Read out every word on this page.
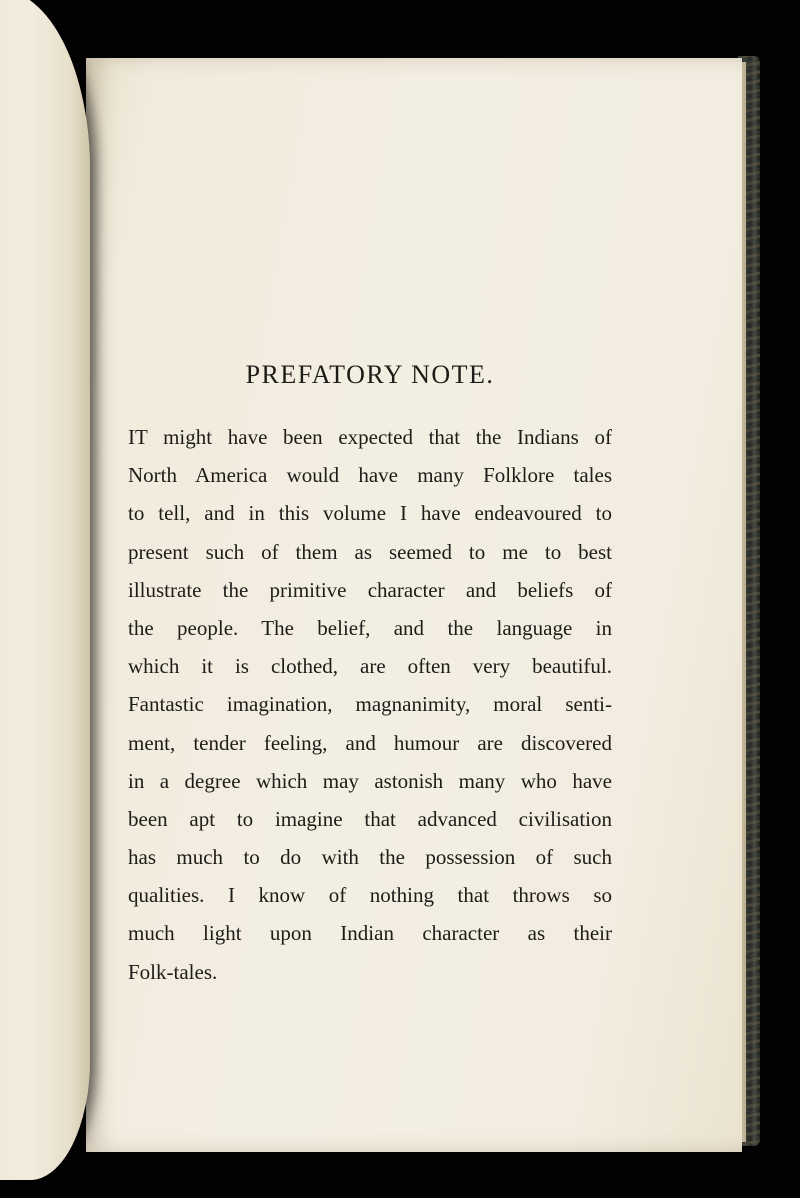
PREFATORY NOTE.
IT might have been expected that the Indians of
North America would have many Folklore tales
to tell, and in this volume I have endeavoured to
present such of them as seemed to me to best
illustrate the primitive character and beliefs of
the people. The belief, and the language in
which it is clothed, are often very beautiful.
Fantastic imagination, magnanimity, moral senti-
ment, tender feeling, and humour are discovered
in a degree which may astonish many who have
been apt to imagine that advanced civilisation
has much to do with the possession of such
qualities. I know of nothing that throws so
much light upon Indian character as their
Folk-tales.
